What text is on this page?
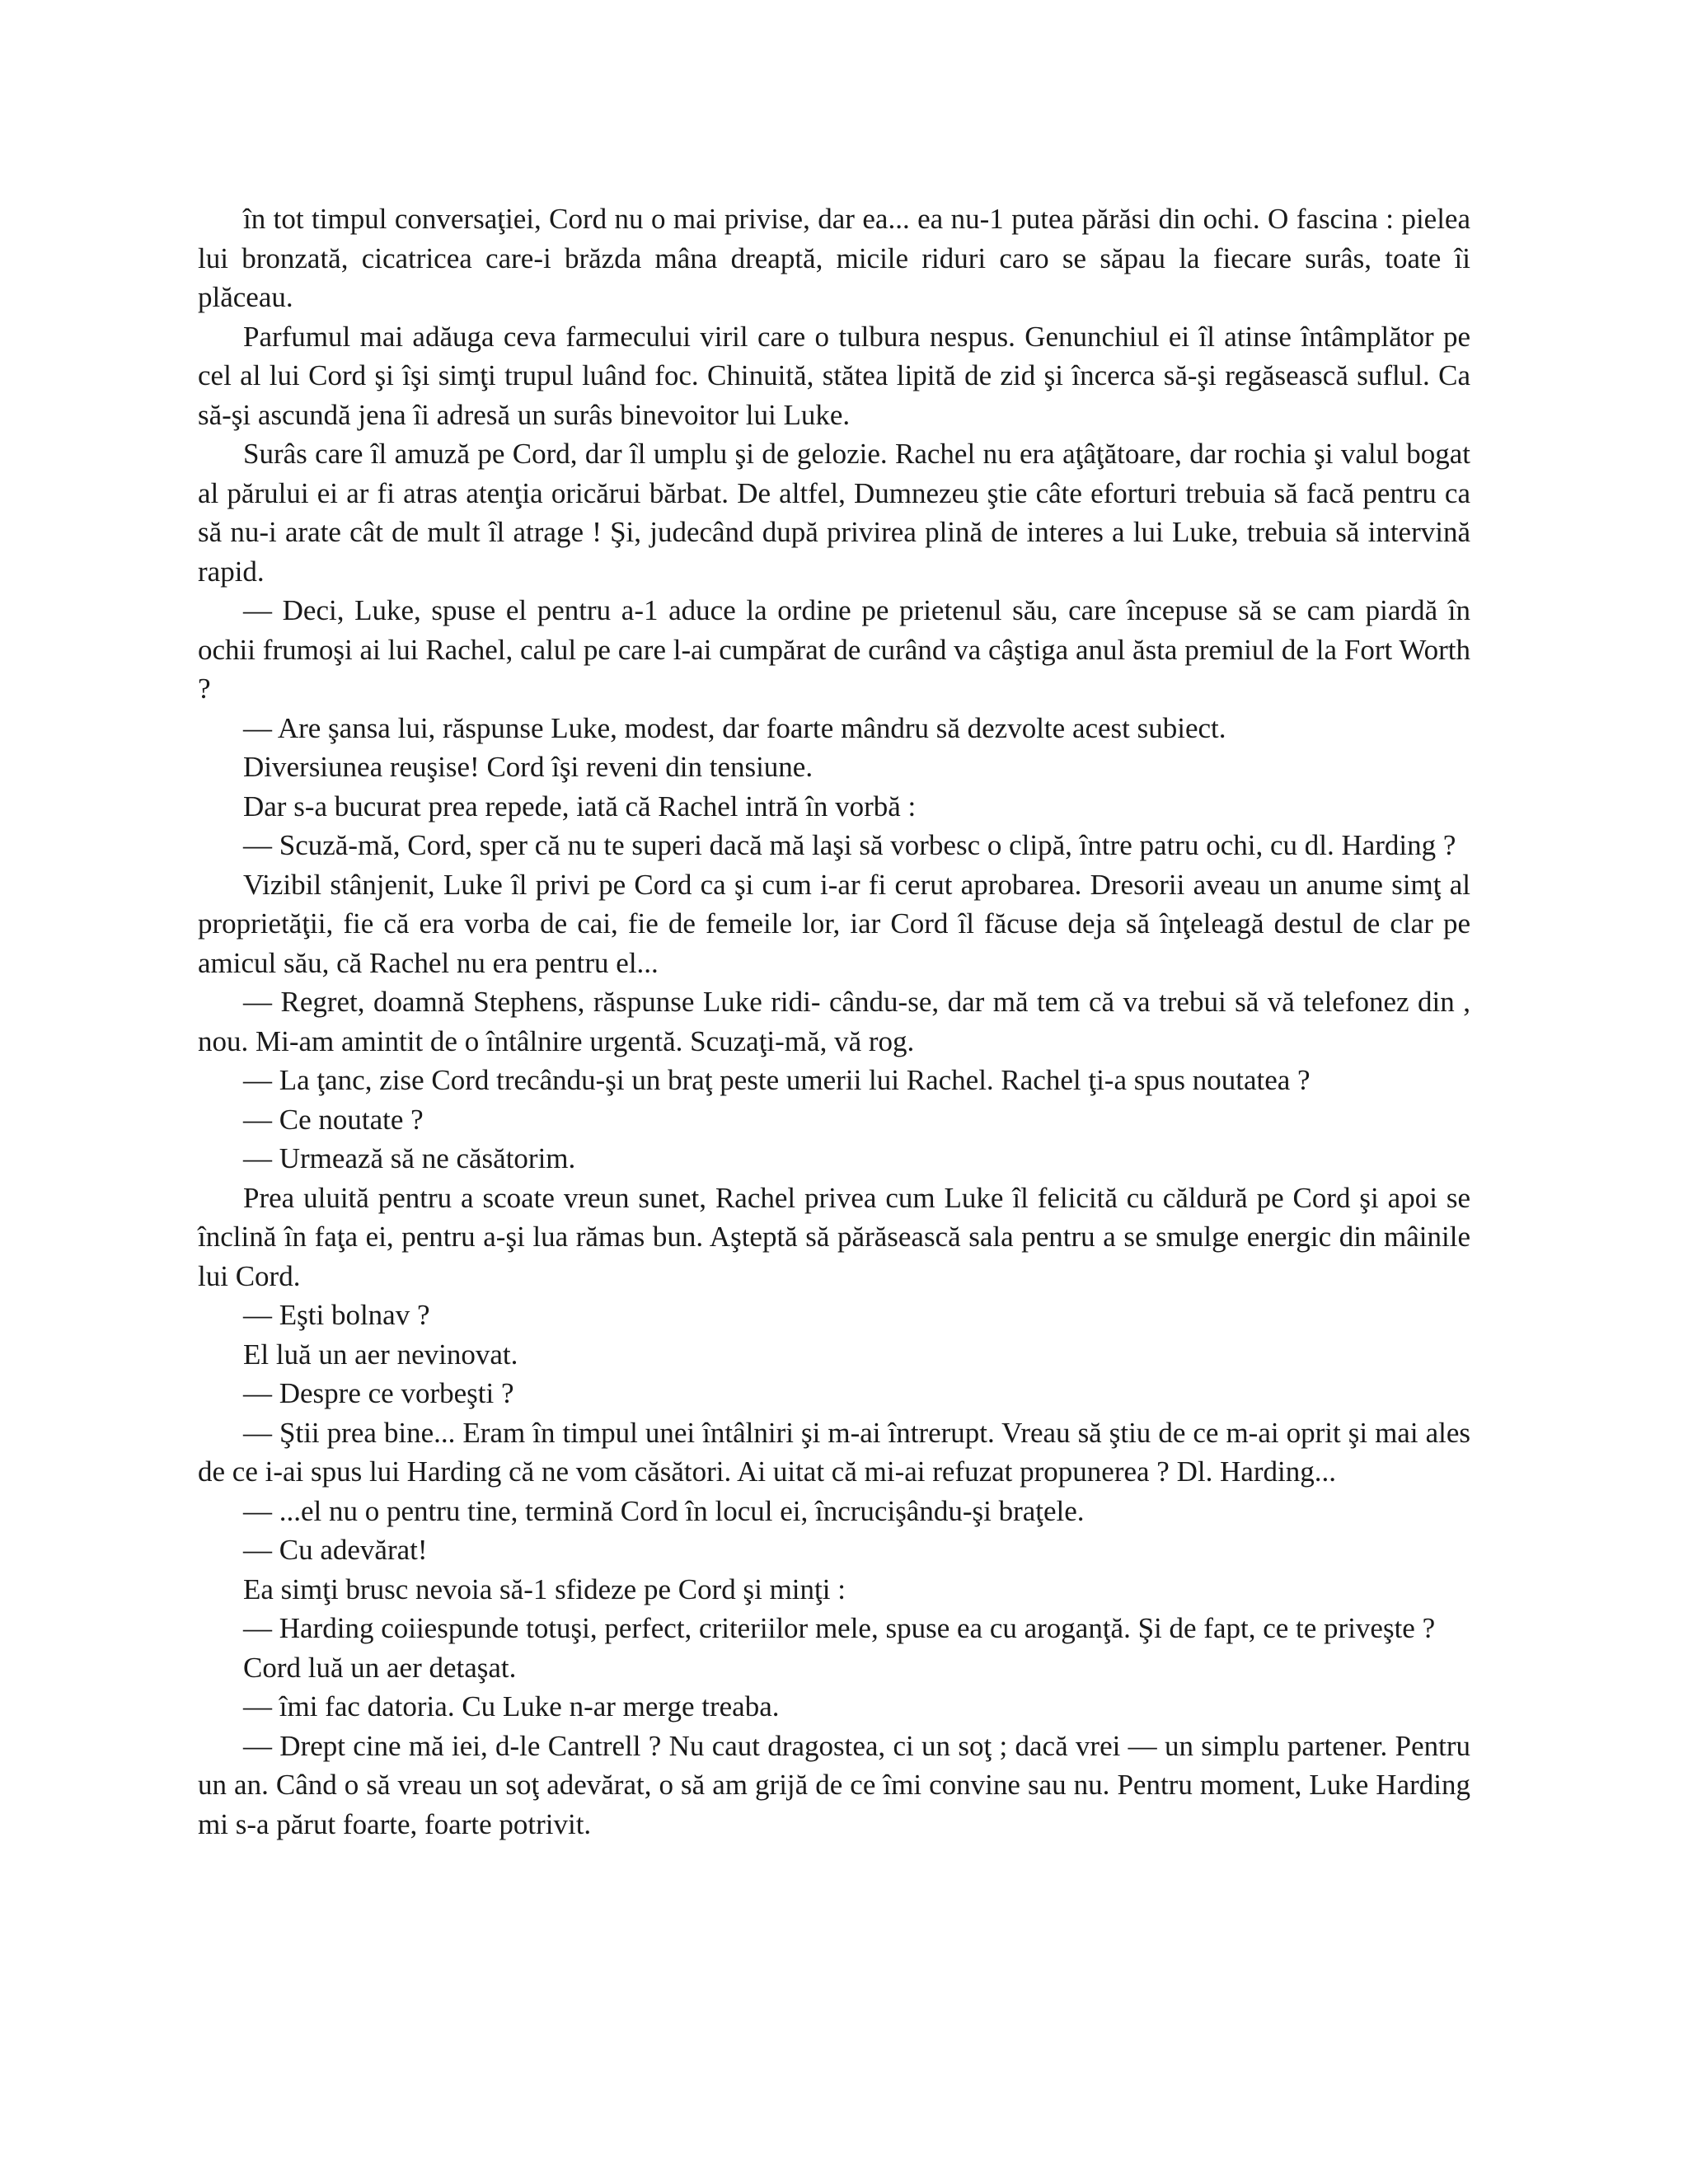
în tot timpul conversaţiei, Cord nu o mai privise, dar ea... ea nu-1 putea părăsi din ochi. O fascina : pielea lui bronzată, cicatricea care-i brăzda mâna dreaptă, micile riduri caro se săpau la fiecare surâs, toate îi plăceau.

Parfumul mai adăuga ceva farmecului viril care o tulbura nespus. Genunchiul ei îl atinse întâmplător pe cel al lui Cord şi îşi simţi trupul luând foc. Chinuită, stătea lipită de zid şi încerca să-şi regăsească suflul. Ca să-şi ascundă jena îi adresă un surâs binevoitor lui Luke.

Surâs care îl amuză pe Cord, dar îl umplu şi de gelozie. Rachel nu era aţâţătoare, dar rochia şi valul bogat al părului ei ar fi atras atenţia oricărui bărbat. De altfel, Dumnezeu ştie câte eforturi trebuia să facă pentru ca să nu-i arate cât de mult îl atrage ! Şi, judecând după privirea plină de interes a lui Luke, trebuia să intervină rapid.

— Deci, Luke, spuse el pentru a-1 aduce la ordine pe prietenul său, care începuse să se cam piardă în ochii frumoşi ai lui Rachel, calul pe care l-ai cumpărat de curând va câştiga anul ăsta premiul de la Fort Worth ?

— Are şansa lui, răspunse Luke, modest, dar foarte mândru să dezvolte acest subiect.

Diversiunea reuşise! Cord îşi reveni din tensiune.

Dar s-a bucurat prea repede, iată că Rachel intră în vorbă :

— Scuză-mă, Cord, sper că nu te superi dacă mă laşi să vorbesc o clipă, între patru ochi, cu dl. Harding ?

Vizibil stânjenit, Luke îl privi pe Cord ca şi cum i-ar fi cerut aprobarea. Dresorii aveau un anume simţ al proprietăţii, fie că era vorba de cai, fie de femeile lor, iar Cord îl făcuse deja să înţeleagă destul de clar pe amicul său, că Rachel nu era pentru el...

— Regret, doamnă Stephens, răspunse Luke ridi- cându-se, dar mă tem că va trebui să vă telefonez din , nou. Mi-am amintit de o întâlnire urgentă. Scuzaţi-mă, vă rog.

— La ţanc, zise Cord trecându-şi un braţ peste umerii lui Rachel. Rachel ţi-a spus noutatea ?

— Ce noutate ?

— Urmează să ne căsătorim.

Prea uluită pentru a scoate vreun sunet, Rachel privea cum Luke îl felicită cu căldură pe Cord şi apoi se înclină în faţa ei, pentru a-şi lua rămas bun. Aşteptă să părăsească sala pentru a se smulge energic din mâinile lui Cord.

— Eşti bolnav ?

El luă un aer nevinovat.

— Despre ce vorbeşti ?

— Ştii prea bine... Eram în timpul unei întâlniri şi m-ai întrerupt. Vreau să ştiu de ce m-ai oprit şi mai ales de ce i-ai spus lui Harding că ne vom căsători. Ai uitat că mi-ai refuzat propunerea ? Dl. Harding...

— ...el nu o pentru tine, termină Cord în locul ei, încrucişându-şi braţele.

— Cu adevărat!

Ea simţi brusc nevoia să-1 sfideze pe Cord şi minţi :

— Harding coiiespunde totuşi, perfect, criteriilor mele, spuse ea cu aroganţă. Şi de fapt, ce te priveşte ?

Cord luă un aer detaşat.

— îmi fac datoria. Cu Luke n-ar merge treaba.

— Drept cine mă iei, d-le Cantrell ? Nu caut dragostea, ci un soţ ; dacă vrei — un simplu partener. Pentru un an. Când o să vreau un soţ adevărat, o să am grijă de ce îmi convine sau nu. Pentru moment, Luke Harding mi s-a părut foarte, foarte potrivit.
